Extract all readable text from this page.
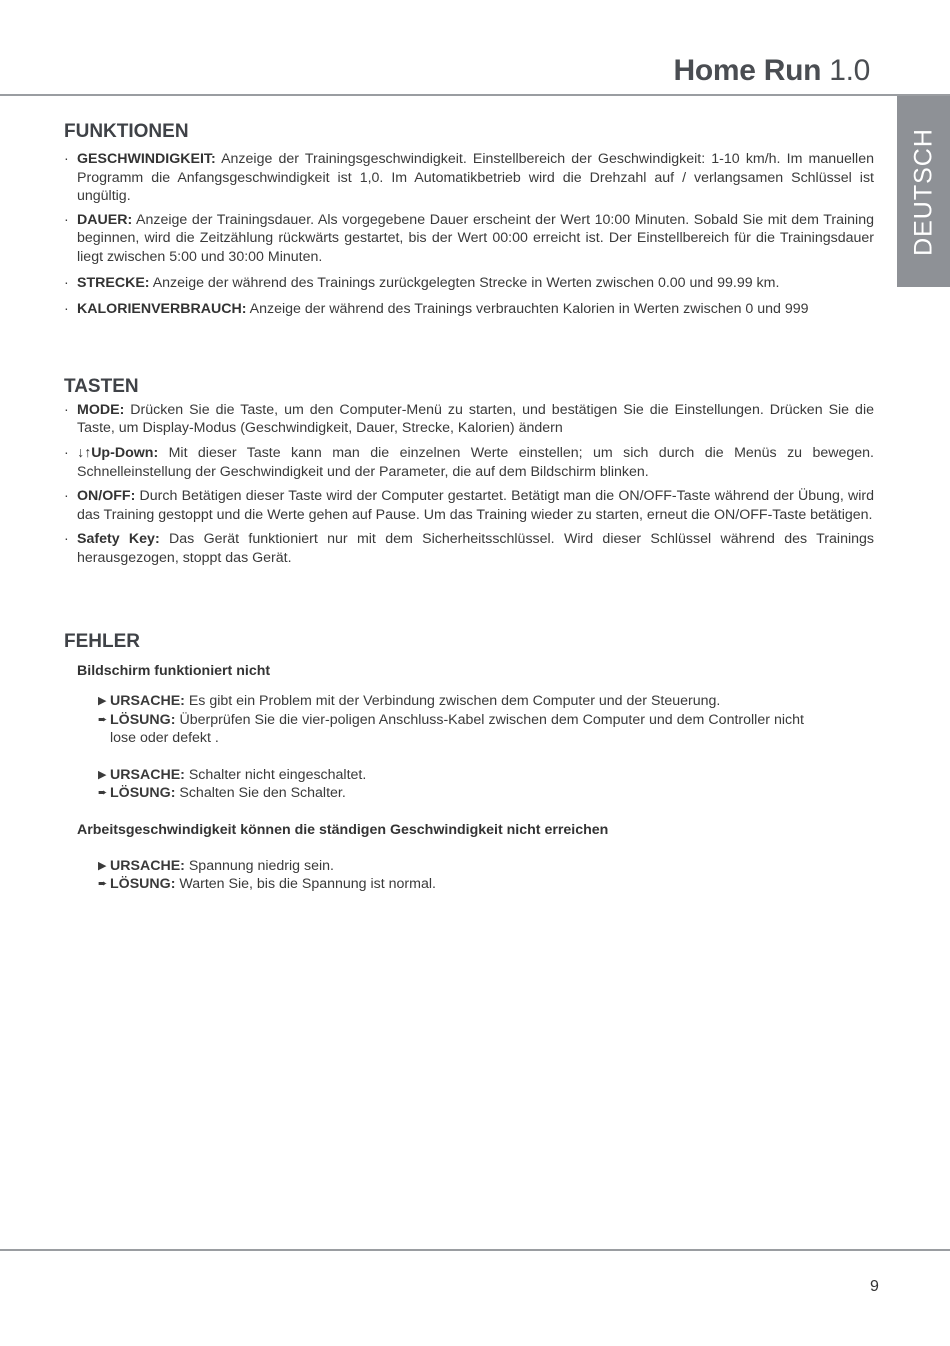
Home Run 1.0
DEUTSCH
FUNKTIONEN
· GESCHWINDIGKEIT: Anzeige der Trainingsgeschwindigkeit. Einstellbereich der Geschwindigkeit: 1-10 km/h. Im manuellen Programm die Anfangsgeschwindigkeit ist 1,0. Im Automatikbetrieb wird die Drehzahl auf / verlangsamen Schlüssel ist ungültig.
· DAUER: Anzeige der Trainingsdauer. Als vorgegebene Dauer erscheint der Wert 10:00 Minuten. Sobald Sie mit dem Training beginnen, wird die Zeitzählung rückwärts gestartet, bis der Wert 00:00 erreicht ist. Der Einstellbereich für die Trainingsdauer liegt zwischen 5:00 und 30:00 Minuten.
· STRECKE: Anzeige der während des Trainings zurückgelegten Strecke in Werten zwischen 0.00 und 99.99 km.
· KALORIENVERBRAUCH: Anzeige der während des Trainings verbrauchten Kalorien in Werten zwischen 0 und 999
TASTEN
· MODE: Drücken Sie die Taste, um den Computer-Menü zu starten, und bestätigen Sie die Einstellungen. Drücken Sie die Taste, um Display-Modus (Geschwindigkeit, Dauer, Strecke, Kalorien) ändern
· ↓↑Up-Down: Mit dieser Taste kann man die einzelnen Werte einstellen; um sich durch die Menüs zu bewegen. Schnelleinstellung der Geschwindigkeit und der Parameter, die auf dem Bildschirm blinken.
· ON/OFF: Durch Betätigen dieser Taste wird der Computer gestartet. Betätigt man die ON/OFF-Taste während der Übung, wird das Training gestoppt und die Werte gehen auf Pause. Um das Training wieder zu starten, erneut die ON/OFF-Taste betätigen.
· Safety Key: Das Gerät funktioniert nur mit dem Sicherheitsschlüssel. Wird dieser Schlüssel während des Trainings herausgezogen, stoppt das Gerät.
FEHLER
Bildschirm funktioniert nicht
▶ URSACHE: Es gibt ein Problem mit der Verbindung zwischen dem Computer und der Steuerung.
➨ LÖSUNG: Überprüfen Sie die vier-poligen Anschluss-Kabel zwischen dem Computer und dem Controller nicht lose oder defekt .
▶ URSACHE: Schalter nicht eingeschaltet.
➨ LÖSUNG: Schalten Sie den Schalter.
Arbeitsgeschwindigkeit können die ständigen Geschwindigkeit nicht erreichen
▶ URSACHE: Spannung niedrig sein.
➨ LÖSUNG: Warten Sie, bis die Spannung ist normal.
9
